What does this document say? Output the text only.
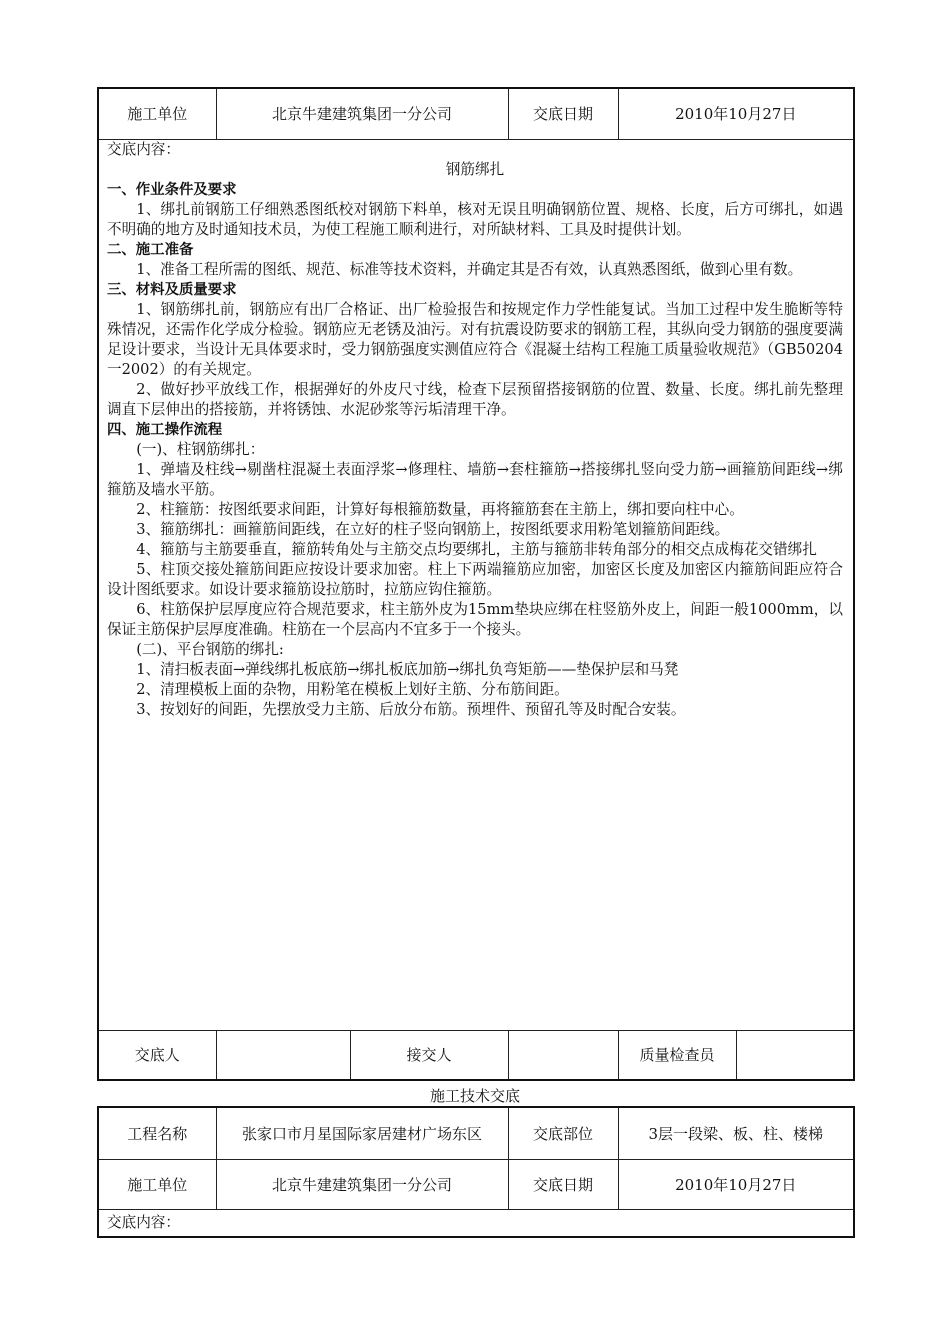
施工单位	北京牛建建筑集团一分公司		交底日期	2010年10月27日	

交底人		接交人		质量检查员	

交底内容：

钢筋绑扎

一、作业条件及要求

1、绑扎前钢筋工仔细熟悉图纸校对钢筋下料单，核对无误且明确钢筋位置、规格、长度，后方可绑扎，如遇不明确的地方及时通知技术员，为使工程施工顺利进行，对所缺材料、工具及时提供计划。

二、施工准备

1、准备工程所需的图纸、规范、标准等技术资料，并确定其是否有效，认真熟悉图纸，做到心里有数。

三、材料及质量要求

1、钢筋绑扎前，钢筋应有出厂合格证、出厂检验报告和按规定作力学性能复试。当加工过程中发生脆断等特殊情况，还需作化学成分检验。钢筋应无老锈及油污。对有抗震设防要求的钢筋工程，其纵向受力钢筋的强度要满足设计要求，当设计无具体要求时，受力钢筋强度实测值应符合《混凝土结构工程施工质量验收规范》（GB50204一2002）的有关规定。

2、做好抄平放线工作，根据弹好的外皮尺寸线，检查下层预留搭接钢筋的位置、数量、长度。绑扎前先整理调直下层伸出的搭接筋，并将锈蚀、水泥砂浆等污垢清理干净。

四、施工操作流程

(一)、柱钢筋绑扎：

1、弹墙及柱线→剔凿柱混凝土表面浮浆→修理柱、墙筋→套柱箍筋→搭接绑扎竖向受力筋→画箍筋间距线→绑箍筋及墙水平筋。

2、柱箍筋：按图纸要求间距，计算好每根箍筋数量，再将箍筋套在主筋上，绑扣要向柱中心。

3、箍筋绑扎：画箍筋间距线，在立好的柱子竖向钢筋上，按图纸要求用粉笔划箍筋间距线。

4、箍筋与主筋要垂直，箍筋转角处与主筋交点均要绑扎，主筋与箍筋非转角部分的相交点成梅花交错绑扎

5、柱顶交接处箍筋间距应按设计要求加密。柱上下两端箍筋应加密，加密区长度及加密区内箍筋间距应符合设计图纸要求。如设计要求箍筋设拉筋时，拉筋应钩住箍筋。

6、柱筋保护层厚度应符合规范要求，柱主筋外皮为15mm垫块应绑在柱竖筋外皮上，间距一般1000mm，以保证主筋保护层厚度准确。柱筋在一个层高内不宜多于一个接头。

(二)、平台钢筋的绑扎:

1、清扫板表面→弹线绑扎板底筋→绑扎板底加筋→绑扎负弯矩筋——垫保护层和马凳

2、清理模板上面的杂物，用粉笔在模板上划好主筋、分布筋间距。

3、按划好的间距，先摆放受力主筋、后放分布筋。预埋件、预留孔等及时配合安装。

施工技术交底
工程名称	张家口市月星国际家居建材广场东区	交底部位	3层一段梁、板、柱、楼梯
施工单位	北京牛建建筑集团一分公司	交底日期	2010年10月27日

交底内容：
